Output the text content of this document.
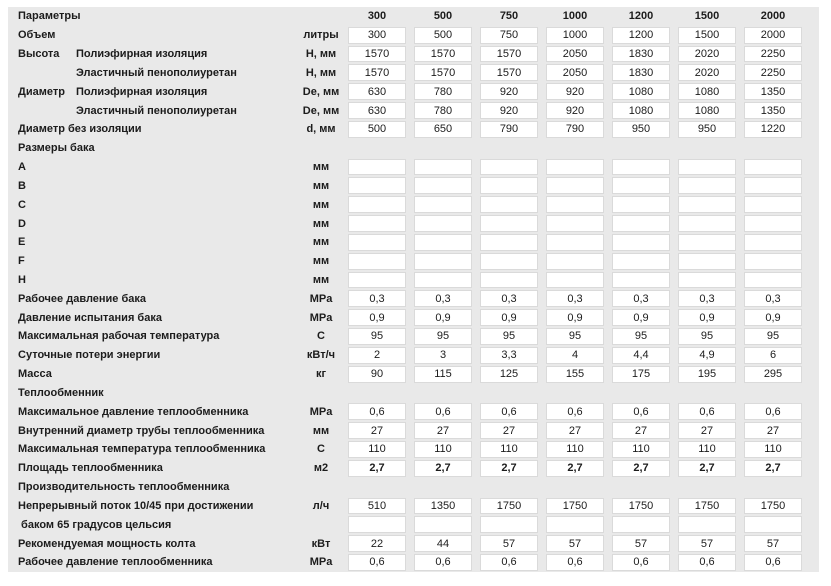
Параметры	300	500	750	1000	1200	1500	2000
Объем	литры	300	500	750	1000	1200	1500	2000
Высота	Полиэфирная изоляция	Н, мм	1570	1570	1570	2050	1830	2020	2250
Эластичный пенополиуретан	Н, мм	1570	1570	1570	2050	1830	2020	2250
Диаметр	Полиэфирная изоляция	De, мм	630	780	920	920	1080	1080	1350
Эластичный пенополиуретан	De, мм	630	780	920	920	1080	1080	1350
Диаметр без изоляции	d, мм	500	650	790	790	950	950	1220
Размеры бака
A	мм
B	мм
C	мм
D	мм
E	мм
F	мм
H	мм
Рабочее давление бака	MPa	0,3	0,3	0,3	0,3	0,3	0,3	0,3
Давление испытания бака	MPa	0,9	0,9	0,9	0,9	0,9	0,9	0,9
Максимальная рабочая температура	С	95	95	95	95	95	95	95
Суточные потери энергии	кВт/ч	2	3	3,3	4	4,4	4,9	6
Масса	кг	90	115	125	155	175	195	295
Теплообменник
Максимальное давление теплообменника	MPa	0,6	0,6	0,6	0,6	0,6	0,6	0,6
Внутренний диаметр трубы теплообменника	мм	27	27	27	27	27	27	27
Максимальная температура теплообменника	С	110	110	110	110	110	110	110
Площадь теплообменника	м2	2,7	2,7	2,7	2,7	2,7	2,7	2,7
Производительность теплообменника
Непрерывный поток 10/45 при достижении	л/ч	510	1350	1750	1750	1750	1750	1750
баком 65 градусов цельсия
Рекомендуемая мощность колта	кВт	22	44	57	57	57	57	57
Рабочее давление теплообменника	MPa	0,6	0,6	0,6	0,6	0,6	0,6	0,6
